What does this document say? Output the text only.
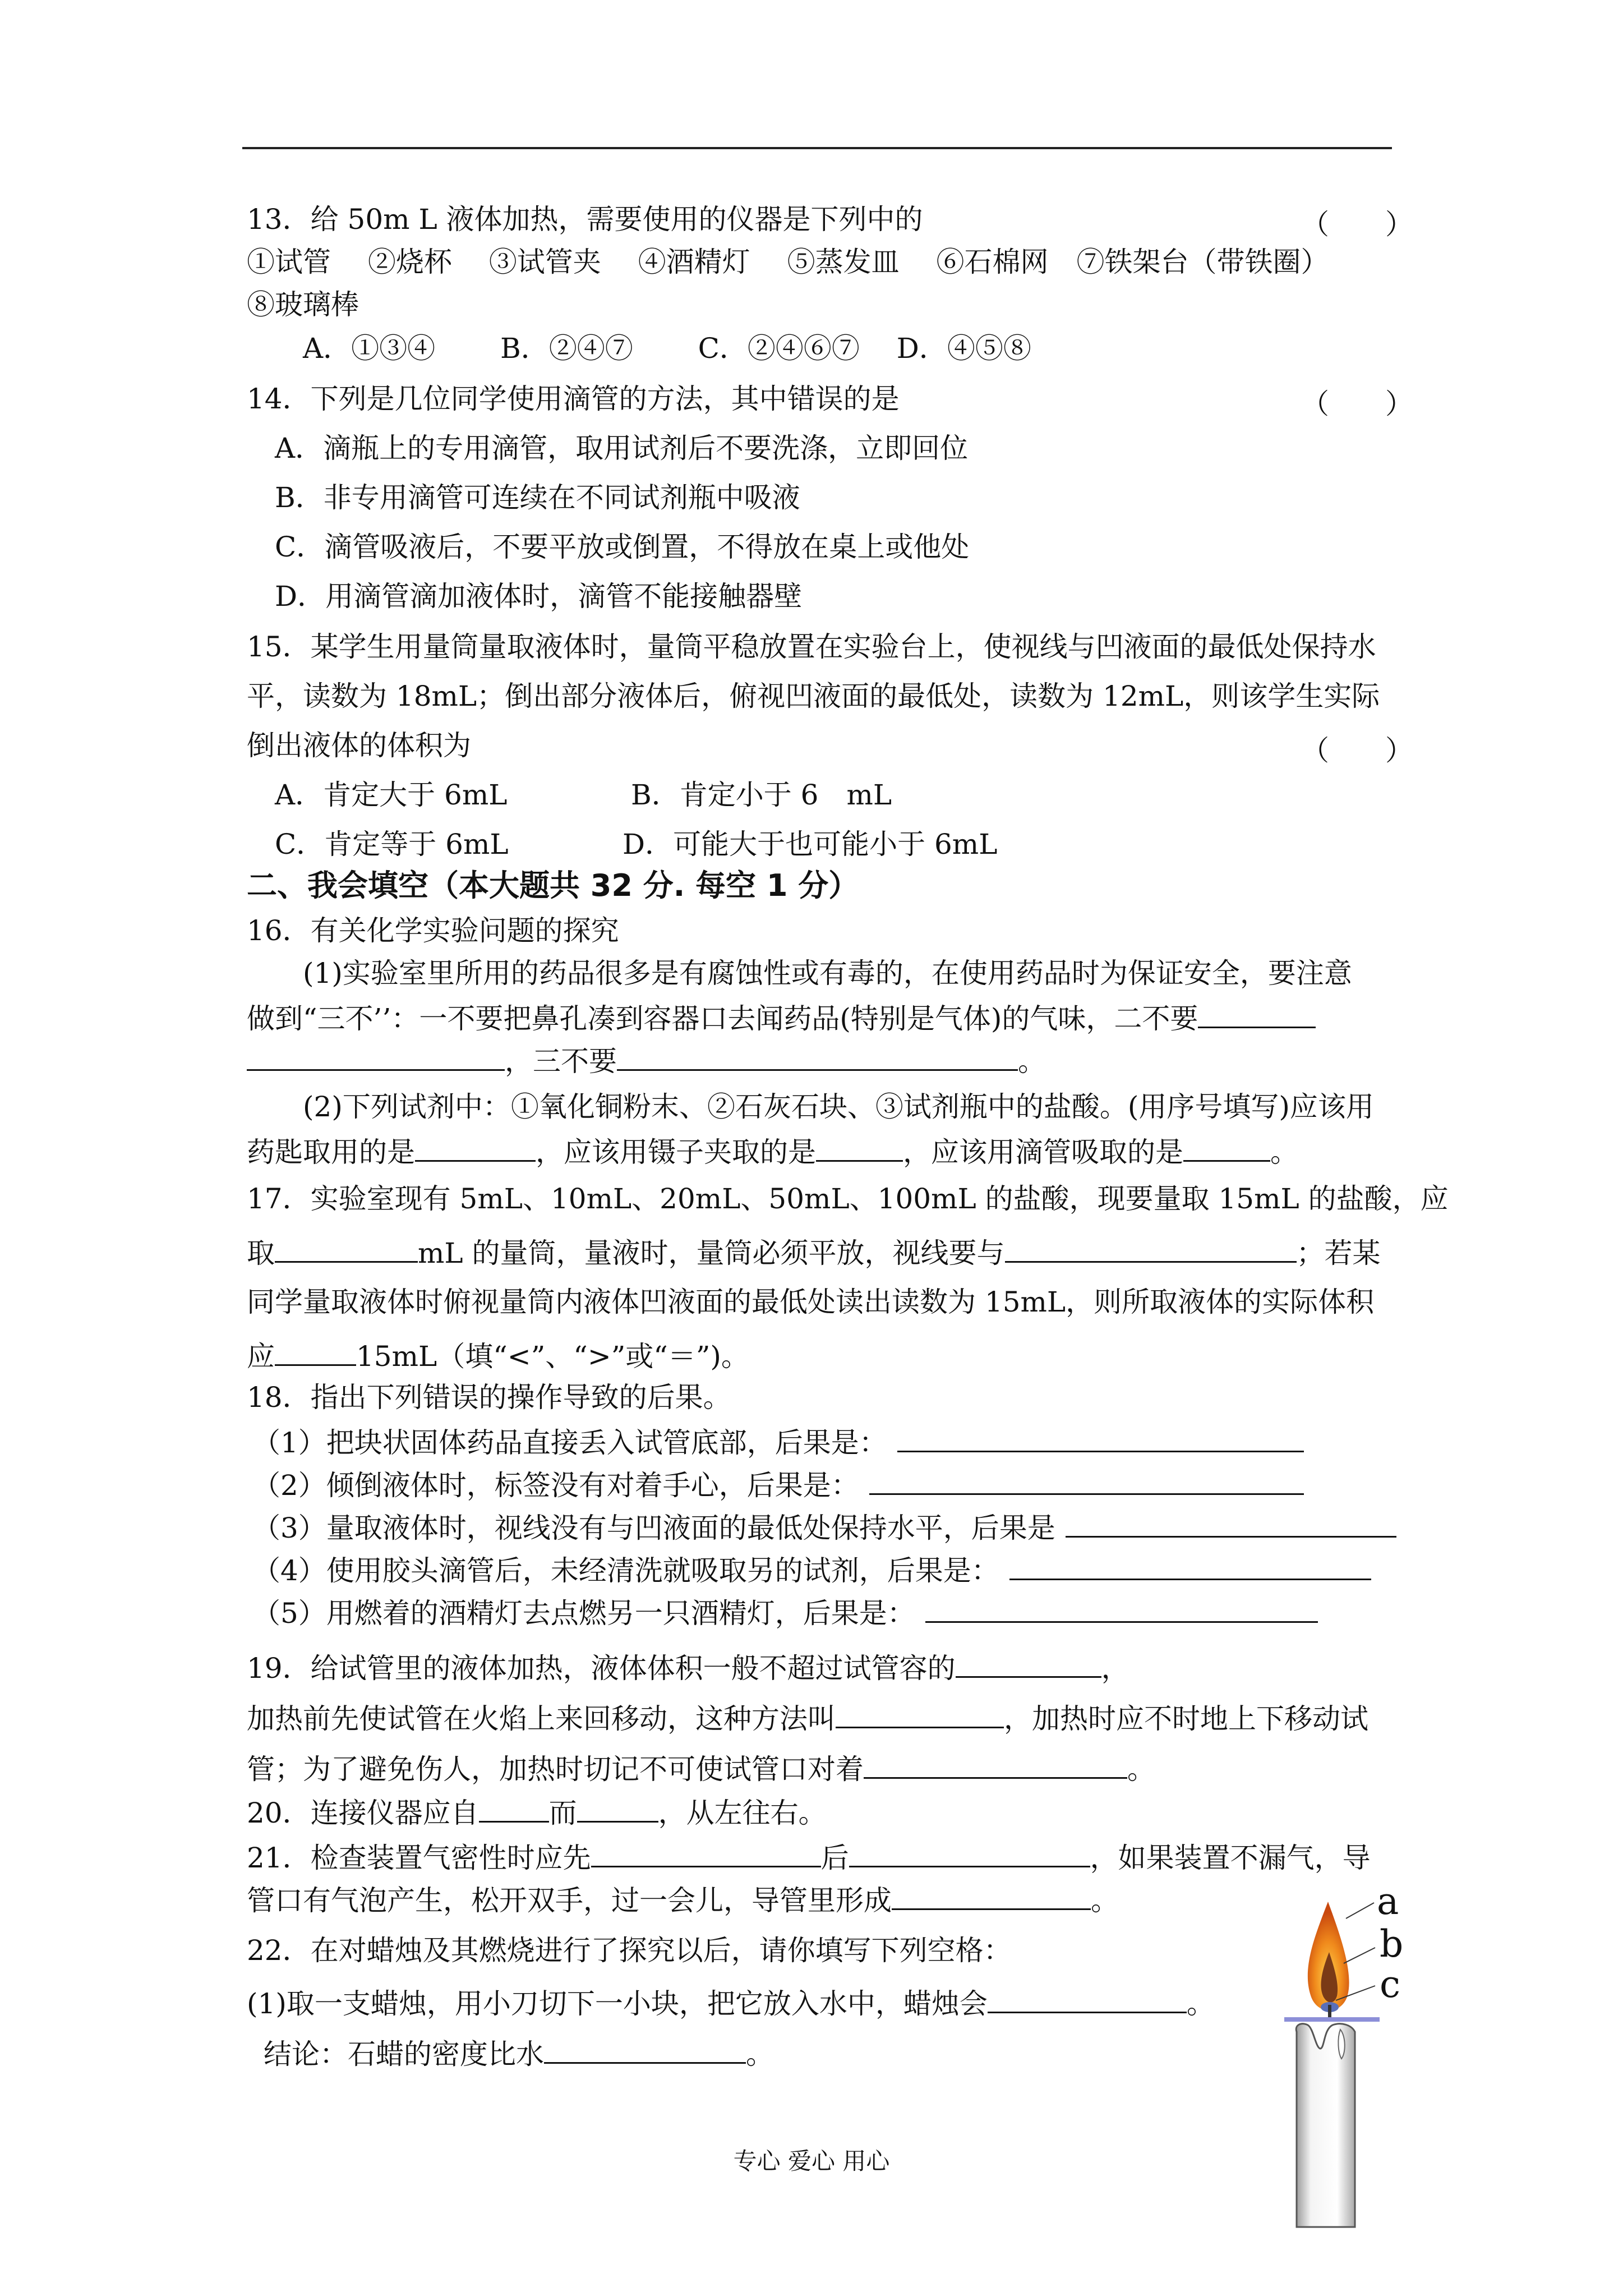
13．给 50m L 液体加热，需要使用的仪器是下列中的	（　　）
①试管　 ②烧杯　 ③试管夹　 ④酒精灯　 ⑤蒸发皿　 ⑥石棉网　⑦铁架台（带铁圈）
⑧玻璃棒
A．①③④　　 B．②④⑦　　 C．②④⑥⑦　 D．④⑤⑧
14．下列是几位同学使用滴管的方法，其中错误的是	（　　）
A．滴瓶上的专用滴管，取用试剂后不要洗涤，立即回位
B．非专用滴管可连续在不同试剂瓶中吸液
C．滴管吸液后，不要平放或倒置，不得放在桌上或他处
D．用滴管滴加液体时，滴管不能接触器壁
15．某学生用量筒量取液体时，量筒平稳放置在实验台上，使视线与凹液面的最低处保持水
平，读数为 18mL；倒出部分液体后，俯视凹液面的最低处，读数为 12mL，则该学生实际
倒出液体的体积为	（　　）
A．肯定大于 6mL	B．肯定小于 6　mL
C．肯定等于 6mL	D．可能大于也可能小于 6mL
二、我会填空（本大题共 32 分. 每空 1 分）
16．有关化学实验问题的探究
(1)实验室里所用的药品很多是有腐蚀性或有毒的，在使用药品时为保证安全，要注意
做到“三不’’：一不要把鼻孔凑到容器口去闻药品(特别是气体)的气味，二不要
，三不要	。
(2)下列试剂中：①氧化铜粉末、②石灰石块、③试剂瓶中的盐酸。(用序号填写)应该用
药匙取用的是	，应该用镊子夹取的是	，应该用滴管吸取的是	。
17．实验室现有 5mL、10mL、20mL、50mL、100mL 的盐酸，现要量取 15mL 的盐酸，应
取	mL 的量筒，量液时，量筒必须平放，视线要与	；若某
同学量取液体时俯视量筒内液体凹液面的最低处读出读数为 15mL，则所取液体的实际体积
应	15mL（填“<”、“>”或“＝”)。
18．指出下列错误的操作导致的后果。
（1）把块状固体药品直接丢入试管底部，后果是：
（2）倾倒液体时，标签没有对着手心，后果是：
（3）量取液体时，视线没有与凹液面的最低处保持水平，后果是
（4）使用胶头滴管后，未经清洗就吸取另的试剂，后果是：
（5）用燃着的酒精灯去点燃另一只酒精灯，后果是：
19．给试管里的液体加热，液体体积一般不超过试管容的	，
加热前先使试管在火焰上来回移动，这种方法叫	，加热时应不时地上下移动试
管；为了避免伤人，加热时切记不可使试管口对着	。
20．连接仪器应自	而	，从左往右。
21．检查装置气密性时应先	后	，如果装置不漏气，导
管口有气泡产生，松开双手，过一会儿，导管里形成	。
22．在对蜡烛及其燃烧进行了探究以后，请你填写下列空格：
(1)取一支蜡烛，用小刀切下一小块，把它放入水中，蜡烛会	。
结论：石蜡的密度比水	。
a
b
c
专心 爱心 用心
